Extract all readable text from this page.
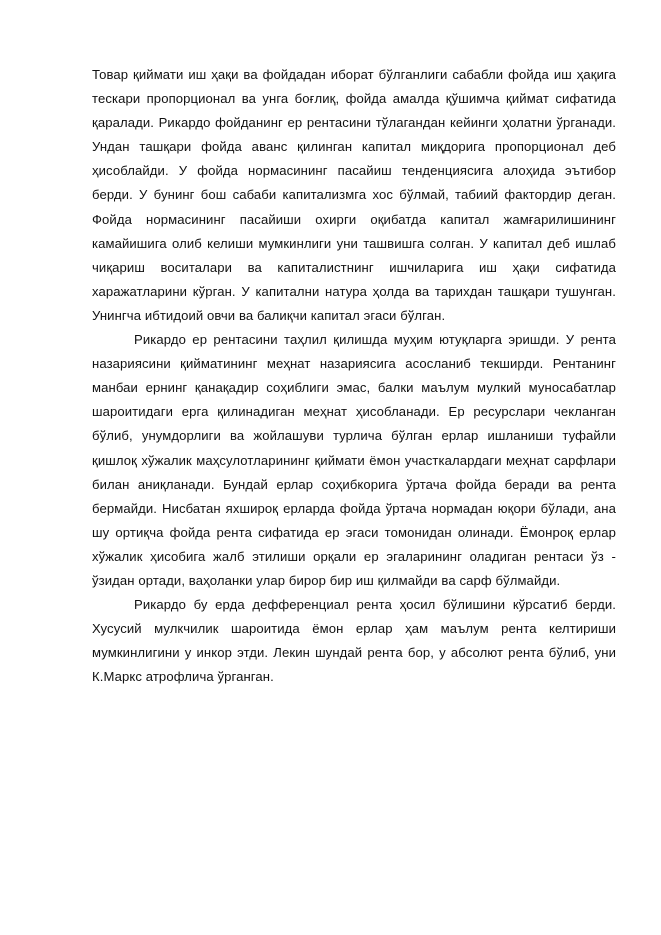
Товар қиймати иш ҳақи ва фойдадан иборат бўлганлиги сабабли фойда иш ҳақига тескари пропорционал ва унга боғлиқ, фойда амалда қўшимча қиймат сифатида қаралади. Рикардо фойданинг ер рентасини тўлагандан кейинги ҳолатни ўрганади. Ундан ташқари фойда аванс қилинган капитал миқдорига пропорционал деб ҳисоблайди. У фойда нормасининг пасайиш тенденциясига алоҳида эътибор берди. У бунинг бош сабаби капитализмга хос бўлмай, табиий фактордир деган. Фойда нормасининг пасайиши охирги оқибатда капитал жамғарилишининг камайишига олиб келиши мумкинлиги уни ташвишга солган. У капитал деб ишлаб чиқариш воситалари ва капиталистнинг ишчиларига иш ҳақи сифатида харажатларини кўрган. У капитални натура ҳолда ва тарихдан ташқари тушунган. Унингча ибтидоий овчи ва балиқчи капитал эгаси бўлган.

Рикардо ер рентасини таҳлил қилишда муҳим ютуқларга эришди. У рента назариясини қийматининг меҳнат назариясига асосланиб текширди. Рентанинг манбаи ернинг қанақадир соҳиблиги эмас, балки маълум мулкий муносабатлар шароитидаги ерга қилинадиган меҳнат ҳисобланади. Ер ресурслари чекланган бўлиб, унумдорлиги ва жойлашуви турлича бўлган ерлар ишланиши туфайли қишлоқ хўжалик маҳсулотларининг қиймати ёмон участкалардаги меҳнат сарфлари билан аниқланади. Бундай ерлар соҳибкорига ўртача фойда беради ва рента бермайди. Нисбатан яхшироқ ерларда фойда ўртача нормадан юқори бўлади, ана шу ортиқча фойда рента сифатида ер эгаси томонидан олинади. Ёмонроқ ерлар хўжалик ҳисобига жалб этилиши орқали ер эгаларининг оладиган рентаси ўз - ўзидан ортади, ваҳоланки улар бирор бир иш қилмайди ва сарф бўлмайди.

Рикардо бу ерда дефференциал рента ҳосил бўлишини кўрсатиб берди. Хусусий мулкчилик шароитида ёмон ерлар ҳам маълум рента келтириши мумкинлигини у инкор этди. Лекин шундай рента бор, у абсолют рента бўлиб, уни К.Маркс атрофлича ўрганган.
